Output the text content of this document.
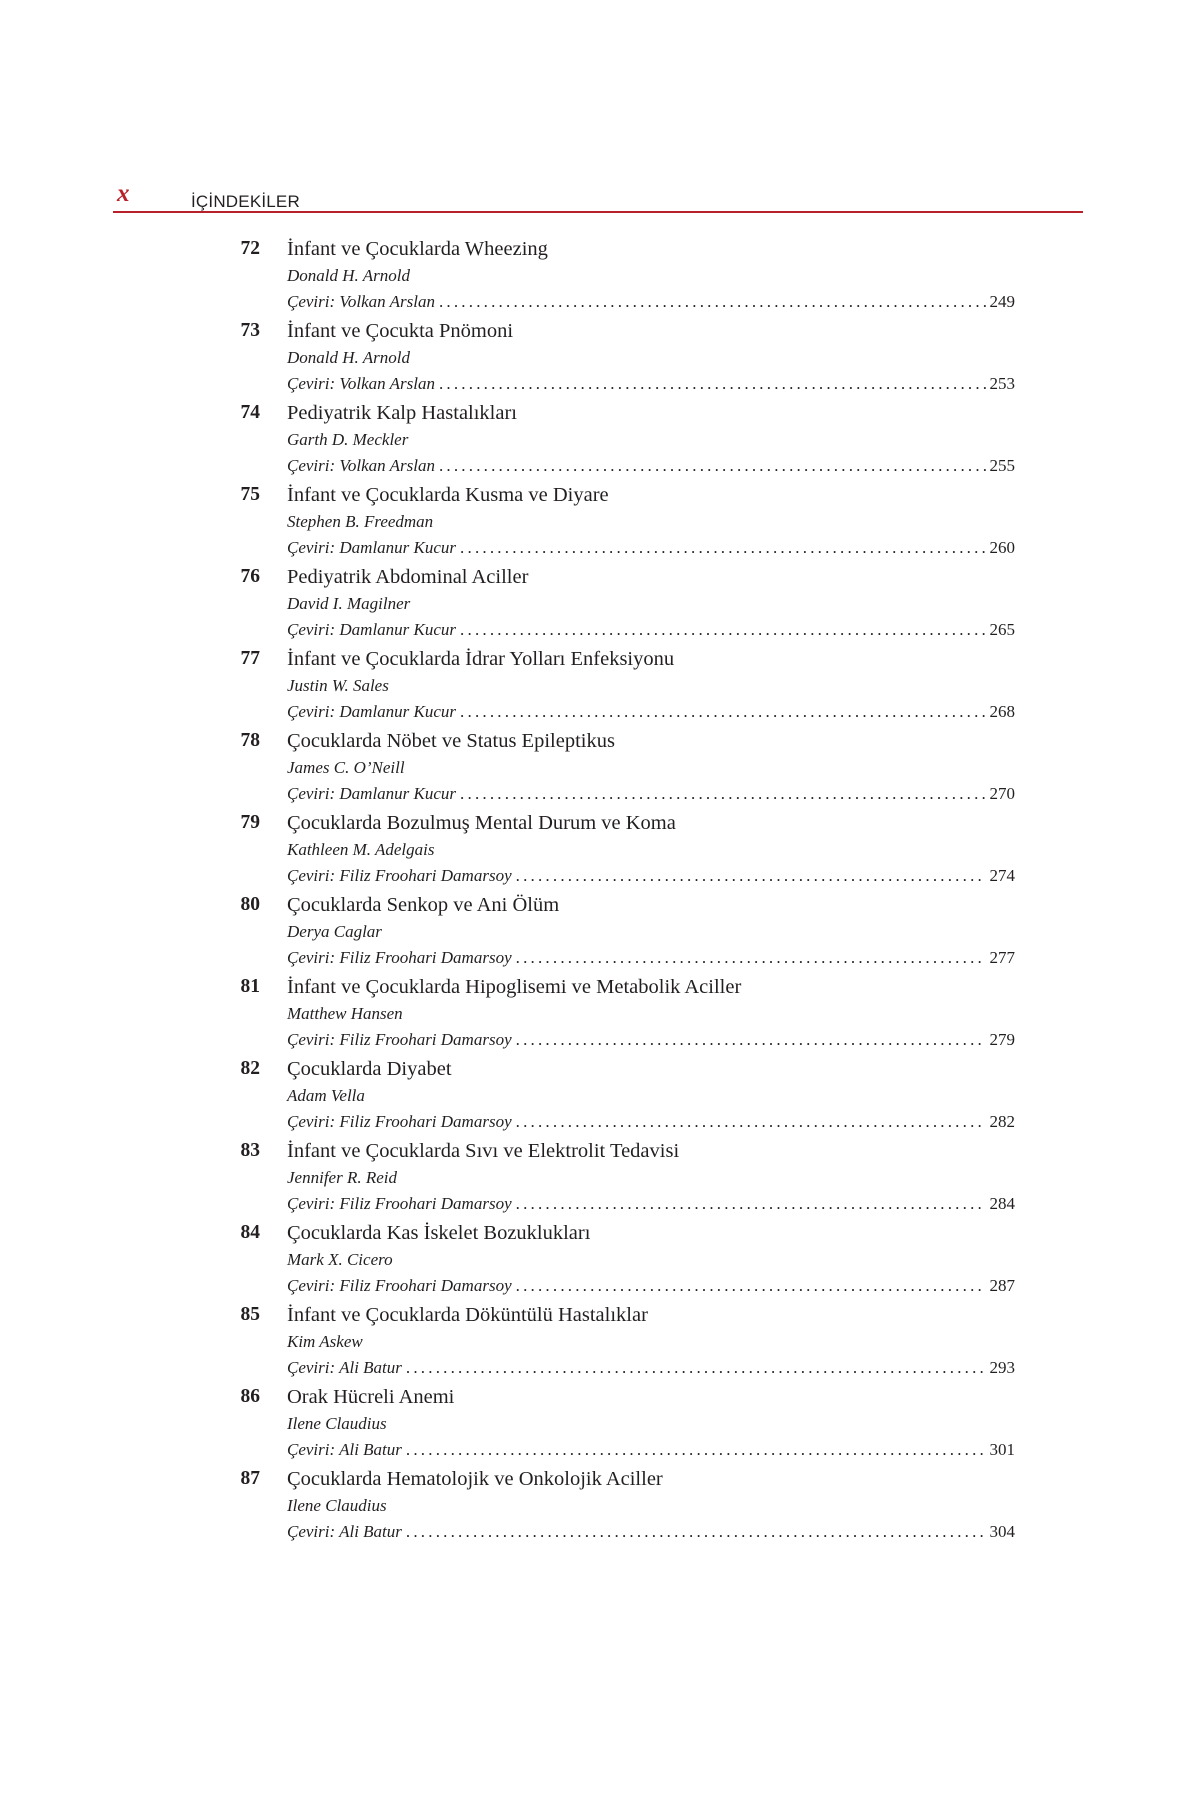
x	İÇİNDEKİLER
72 İnfant ve Çocuklarda Wheezing
Donald H. Arnold
Çeviri: Volkan Arslan .....	249
73 İnfant ve Çocukta Pnömoni
Donald H. Arnold
Çeviri: Volkan Arslan .....	253
74 Pediyatrik Kalp Hastalıkları
Garth D. Meckler
Çeviri: Volkan Arslan .....	255
75 İnfant ve Çocuklarda Kusma ve Diyare
Stephen B. Freedman
Çeviri: Damlanur Kucur .....	260
76 Pediyatrik Abdominal Aciller
David I. Magilner
Çeviri: Damlanur Kucur .....	265
77 İnfant ve Çocuklarda İdrar Yolları Enfeksiyonu
Justin W. Sales
Çeviri: Damlanur Kucur .....	268
78 Çocuklarda Nöbet ve Status Epileptikus
James C. O’Neill
Çeviri: Damlanur Kucur .....	270
79 Çocuklarda Bozulmuş Mental Durum ve Koma
Kathleen M. Adelgais
Çeviri: Filiz Froohari Damarsoy .....	274
80 Çocuklarda Senkop ve Ani Ölüm
Derya Caglar
Çeviri: Filiz Froohari Damarsoy .....	277
81 İnfant ve Çocuklarda Hipoglisemi ve Metabolik Aciller
Matthew Hansen
Çeviri: Filiz Froohari Damarsoy .....	279
82 Çocuklarda Diyabet
Adam Vella
Çeviri: Filiz Froohari Damarsoy .....	282
83 İnfant ve Çocuklarda Sıvı ve Elektrolit Tedavisi
Jennifer R. Reid
Çeviri: Filiz Froohari Damarsoy .....	284
84 Çocuklarda Kas İskelet Bozuklukları
Mark X. Cicero
Çeviri: Filiz Froohari Damarsoy .....	287
85 İnfant ve Çocuklarda Döküntülü Hastalıklar
Kim Askew
Çeviri: Ali Batur .....	293
86 Orak Hücreli Anemi
Ilene Claudius
Çeviri: Ali Batur .....	301
87 Çocuklarda Hematolojik ve Onkolojik Aciller
Ilene Claudius
Çeviri: Ali Batur .....	304
